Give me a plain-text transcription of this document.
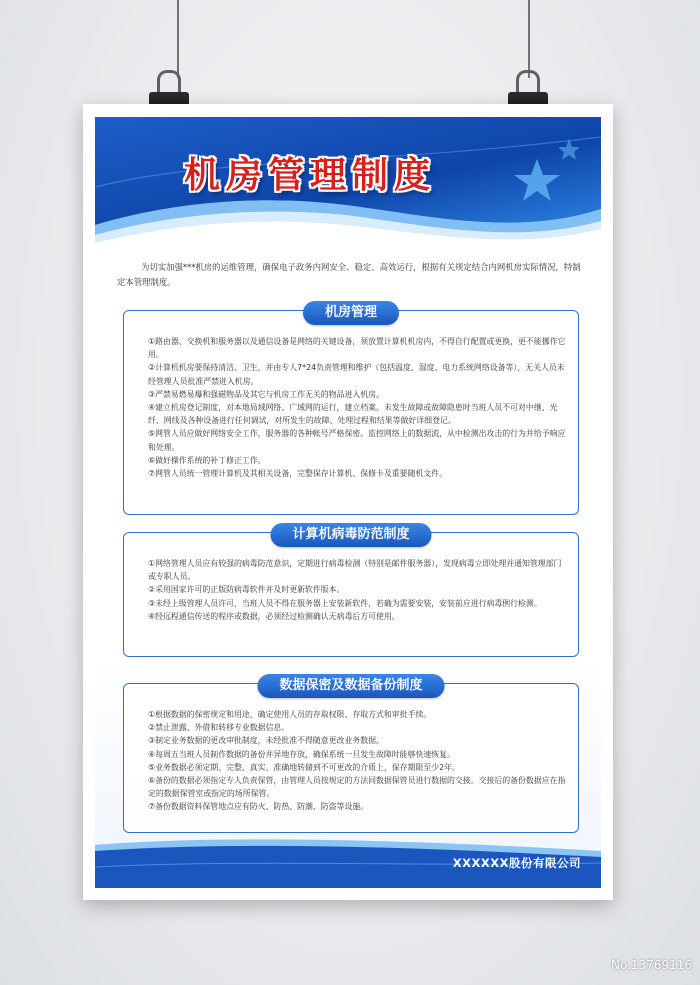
机房管理制度
为切实加强***机房的运维管理，确保电子政务内网安全、稳定、高效运行，根据有关规定结合内网机房实际情况，特制定本管理制度。
机房管理

①路由器、交换机和服务器以及通信设备是网络的关键设备，须放置计算机机房内，不得自行配置或更换，更不能挪作它用。

②计算机机房要保持清洁、卫生，并由专人7*24负责管理和维护（包括温度、湿度、电力系统网络设备等），无关人员未经管理人员批准严禁进入机房。

③严禁易燃易爆和强磁物品及其它与机房工作无关的物品进入机房。

④建立机房登记制度，对本地局域网络、广域网的运行，建立档案。未发生故障或故障隐患时当班人员不可对中继、光纤、网线及各种设备进行任何调试，对所发生的故障、处理过程和结果等做好详细登记。

⑤网管人员应做好网络安全工作，服务器的各种帐号严格保密。监控网络上的数据流，从中检测出攻击的行为并给予响应和处理。

⑥做好操作系统的补丁修正工作。

⑦网管人员统一管理计算机及其相关设备，完整保存计算机、保修卡及重要随机文件。

计算机病毒防范制度

①网络管理人员应有较强的病毒防范意识，定期进行病毒检测（特别是邮件服务器），发现病毒立即处理并通知管理部门或专职人员。

②采用国家许可的正版防病毒软件并及时更新软件版本。

③未经上级管理人员许可，当班人员不得在服务器上安装新软件，若确为需要安装，安装前应进行病毒例行检测。

④经远程通信传送的程序或数据，必须经过检测确认无病毒后方可使用。

数据保密及数据备份制度

①根据数据的保密规定和用途，确定使用人员的存取权限、存取方式和审批手续。

②禁止泄露、外借和转移专业数据信息。

③制定业务数据的更改审批制度，未经批准不得随意更改业务数据。

④每周五当班人员制作数据的备份并异地存放，确保系统一旦发生故障时能够快速恢复。

⑤业务数据必须定期、完整、真实、准确地转储到不可更改的介质上，保存期限至少2年。

⑥备份的数据必须指定专人负责保管，由管理人员按规定的方法同数据保管员进行数据的交接。交接后的备份数据应在指定的数据保管室或指定的场所保管。

⑦备份数据资料保管地点应有防火、防热、防潮、防盗等设施。

XXXXXX股份有限公司
No.13769116
